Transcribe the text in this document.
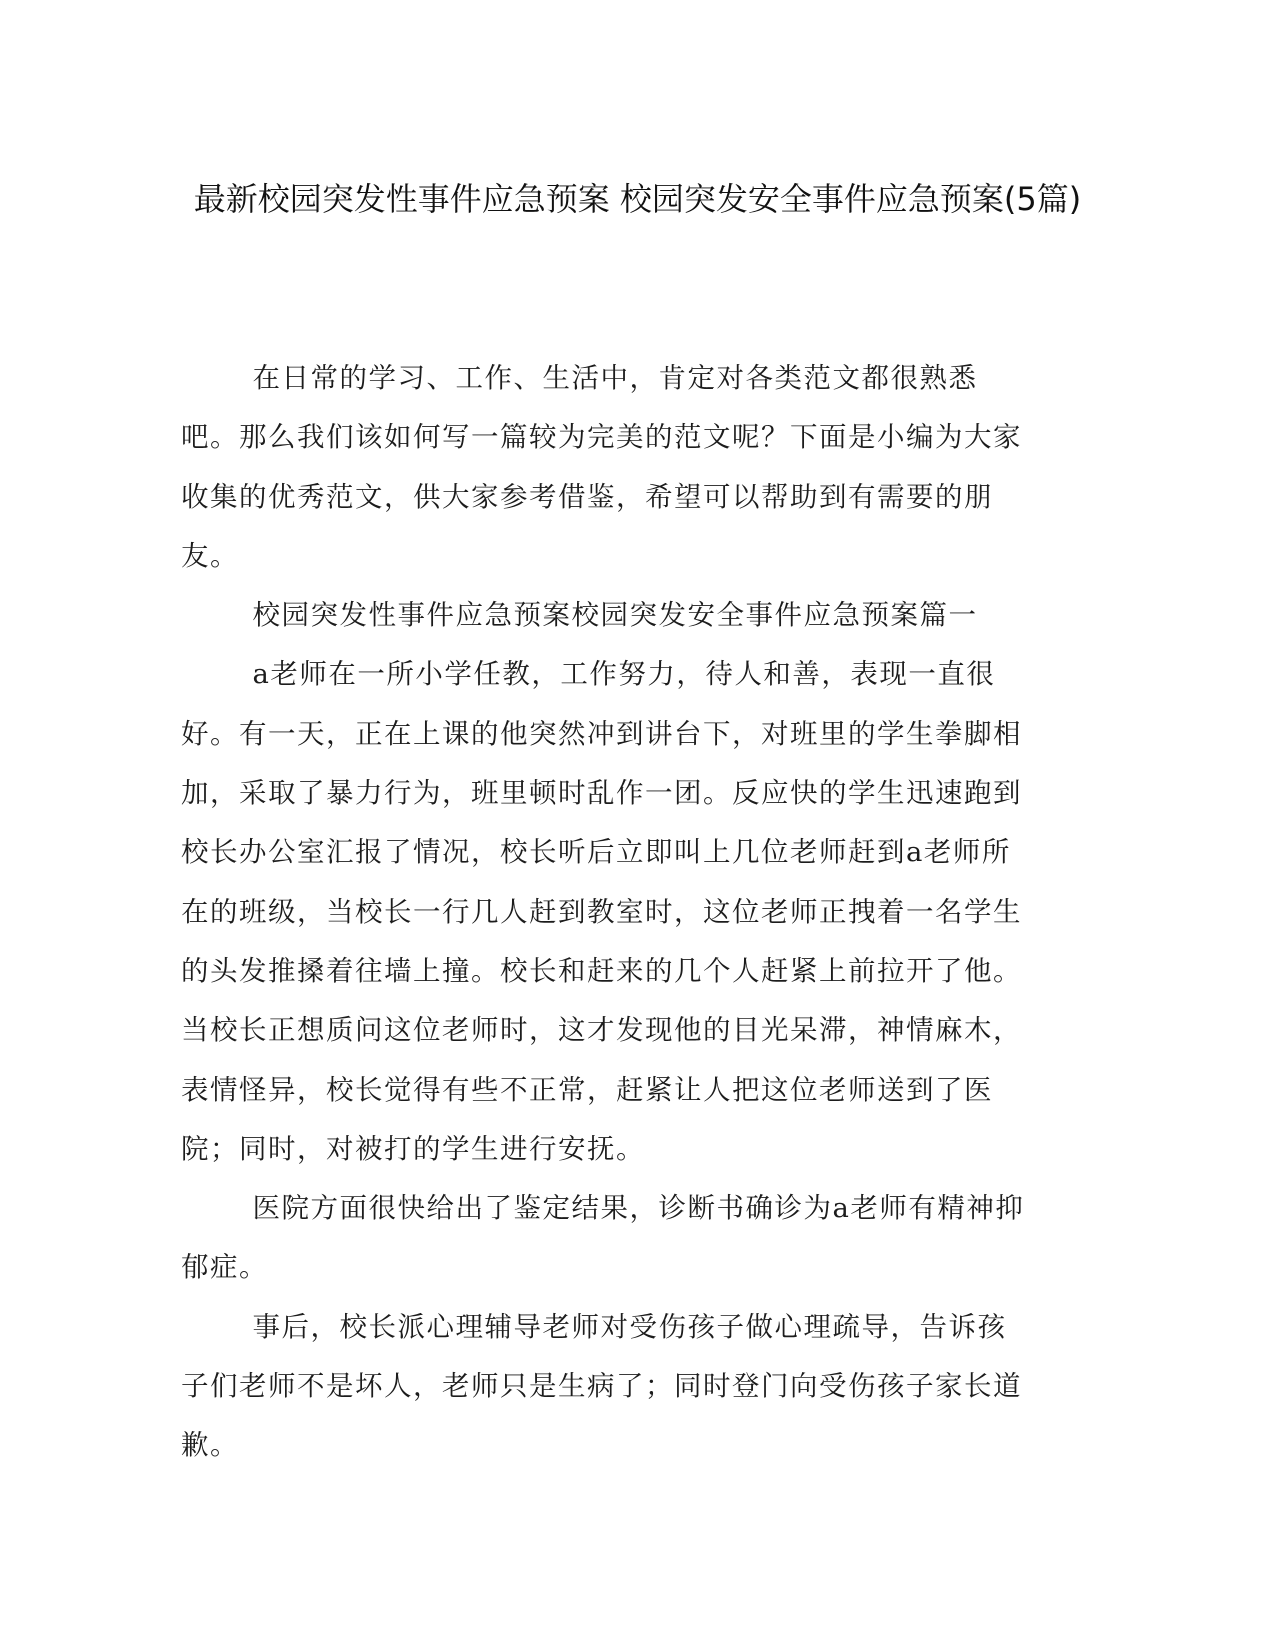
最新校园突发性事件应急预案 校园突发安全事件应急预案(5篇)

在日常的学习、工作、生活中，肯定对各类范文都很熟悉吧。那么我们该如何写一篇较为完美的范文呢？下面是小编为大家收集的优秀范文，供大家参考借鉴，希望可以帮助到有需要的朋友。

校园突发性事件应急预案校园突发安全事件应急预案篇一

a老师在一所小学任教，工作努力，待人和善，表现一直很好。有一天，正在上课的他突然冲到讲台下，对班里的学生拳脚相加，采取了暴力行为，班里顿时乱作一团。反应快的学生迅速跑到校长办公室汇报了情况，校长听后立即叫上几位老师赶到a老师所在的班级，当校长一行几人赶到教室时，这位老师正拽着一名学生的头发推搡着往墙上撞。校长和赶来的几个人赶紧上前拉开了他。当校长正想质问这位老师时，这才发现他的目光呆滞，神情麻木，表情怪异，校长觉得有些不正常，赶紧让人把这位老师送到了医院；同时，对被打的学生进行安抚。

医院方面很快给出了鉴定结果，诊断书确诊为a老师有精神抑郁症。

事后，校长派心理辅导老师对受伤孩子做心理疏导，告诉孩子们老师不是坏人，老师只是生病了；同时登门向受伤孩子家长道歉。
